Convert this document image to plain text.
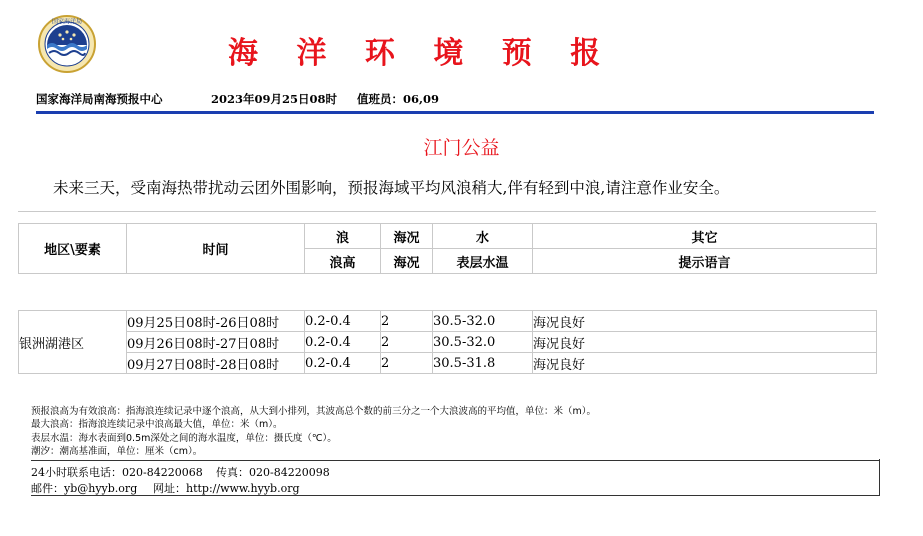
国家海洋局
海 洋 环 境 预 报
国家海洋局南海预报中心	2023年09月25日08时 值班员：06,09
江门公益
未来三天，受南海热带扰动云团外围影响，预报海域平均风浪稍大,伴有轻到中浪,请注意作业安全。
地区\要素	时间	浪	海况	水	其它
		浪高	海况	表层水温	提示语言
银洲湖港区	09月25日08时-26日08时	0.2-0.4	2	30.5-32.0	海况良好
	09月26日08时-27日08时	0.2-0.4	2	30.5-32.0	海况良好
	09月27日08时-28日08时	0.2-0.4	2	30.5-31.8	海况良好
预报浪高为有效浪高：指海浪连续记录中逐个浪高，从大到小排列，其波高总个数的前三分之一个大浪波高的平均值，单位：米（m）。
最大浪高：指海浪连续记录中浪高最大值，单位：米（m）。
表层水温：海水表面到0.5m深处之间的海水温度，单位：摄氏度（℃）。
潮汐：潮高基准面，单位：厘米（cm）。
24小时联系电话：020-84220068 传真：020-84220098
邮件：yb@hyyb.org 网址：http://www.hyyb.org
